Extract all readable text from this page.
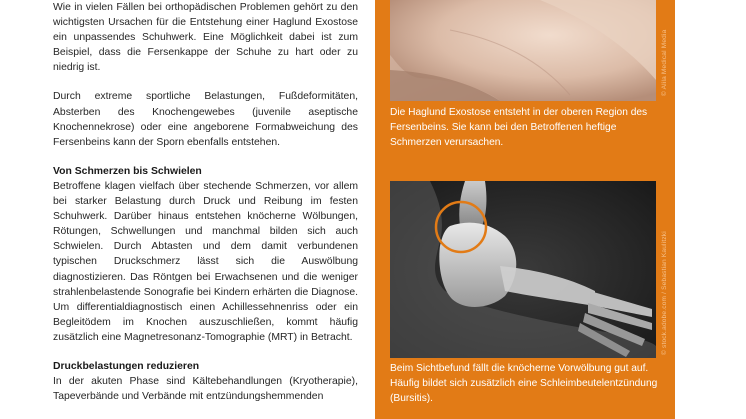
Wie in vielen Fällen bei orthopädischen Problemen gehört zu den wichtigsten Ursachen für die Entstehung einer Haglund Exostose ein unpassendes Schuhwerk. Eine Möglichkeit dabei ist zum Beispiel, dass die Fersenkappe der Schuhe zu hart oder zu niedrig ist.

Durch extreme sportliche Belastungen, Fußdeformitäten, Absterben des Knochengewebes (juvenile aseptische Knochennekrose) oder eine angeborene Formabweichung des Fersenbeins kann der Sporn ebenfalls entstehen.

Von Schmerzen bis Schwielen
Betroffene klagen vielfach über stechende Schmerzen, vor allem bei starker Belastung durch Druck und Reibung im festen Schuhwerk. Darüber hinaus entstehen knöcherne Wölbungen, Rötungen, Schwellungen und manchmal bilden sich auch Schwielen. Durch Abtasten und dem damit verbundenen typischen Druckschmerz lässt sich die Auswölbung diagnostizieren. Das Röntgen bei Erwachsenen und die weniger strahlenbelastende Sonografie bei Kindern erhärten die Diagnose. Um differentialdiagnostisch einen Achillessehnenriss oder ein Begleitödem im Knochen auszuschließen, kommt häufig zusätzlich eine Magnetresonanz-Tomographie (MRT) in Betracht.

Druckbelastungen reduzieren
In der akuten Phase sind Kältebehandlungen (Kryotherapie), Tapeverbände und Verbände mit entzündungshemmenden

© Alila Medical Media
Die Haglund Exostose entsteht in der oberen Region des Fersenbeins. Sie kann bei den Betroffenen heftige Schmerzen verursachen.
© stock.adobe.com / Sebastian Kaulitzki
Beim Sichtbefund fällt die knöcherne Vorwölbung gut auf. Häufig bildet sich zusätzlich eine Schleimbeutelentzündung (Bursitis).
